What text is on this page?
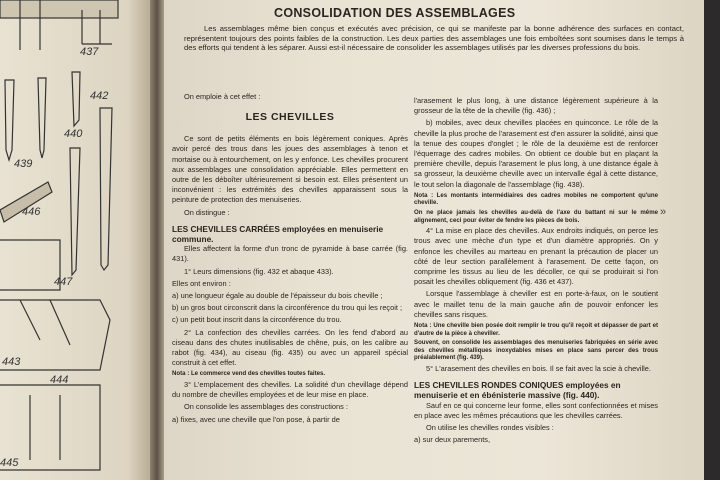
437
442
440
439
446
447
443
444
445
CONSOLIDATION DES ASSEMBLAGES
Les assemblages même bien conçus et exécutés avec précision, ce qui se manifeste par la bonne adhérence des surfaces en contact, représentent toujours des points faibles de la construction. Les deux parties des assemblages une fois emboîtées sont soumises dans le temps à des efforts qui tendent à les séparer. Aussi est-il nécessaire de consolider les assemblages utilisés par les diverses professions du bois.
On emploie à cet effet :
LES CHEVILLES

Ce sont de petits éléments en bois légèrement coniques. Après avoir percé des trous dans les joues des assemblages à tenon et mortaise ou à entourchement, on les y enfonce. Les chevilles procurent aux assemblages une consolidation appréciable. Elles permettent en outre de les déboîter ultérieurement si besoin est. Elles présentent un inconvénient : les extrémités des chevilles apparaissent sous la peinture de protection des menuiseries.

On distingue :

LES CHEVILLES CARRÉES employées en menuiserie commune.

Elles affectent la forme d'un tronc de pyramide à base carrée (fig. 431).

1° Leurs dimensions (fig. 432 et abaque 433).

Elles ont environ :

a) une longueur égale au double de l'épaisseur du bois cheville ;

b) un gros bout circonscrit dans la circonférence du trou qui les reçoit ;

c) un petit bout inscrit dans la circonférence du trou.

2° La confection des chevilles carrées. On les fend d'abord au ciseau dans des chutes inutilisables de chêne, puis, on les calibre au rabot (fig. 434), au ciseau (fig. 435) ou avec un appareil spécial construit à cet effet.

Nota : Le commerce vend des chevilles toutes faites.

3° L'emplacement des chevilles. La solidité d'un chevillage dépend du nombre de chevilles employées et de leur mise en place.

On consolide les assemblages des constructions :

a) fixes, avec une cheville que l'on pose, à partir de

l'arasement le plus long, à une distance légèrement supérieure à la grosseur de la tête de la cheville (fig. 436) ;

b) mobiles, avec deux chevilles placées en quinconce. Le rôle de la cheville la plus proche de l'arasement est d'en assurer la solidité, ainsi que la tenue des coupes d'onglet ; le rôle de la deuxième est de renforcer l'équerrage des cadres mobiles. On obtient ce double but en plaçant la première cheville, depuis l'arasement le plus long, à une distance égale à sa grosseur, la deuxième cheville avec un intervalle égal à cette distance, le tout selon la diagonale de l'assemblage (fig. 438).

Nota : Les montants intermédiaires des cadres mobiles ne comportent qu'une cheville.

On ne place jamais les chevilles au-delà de l'axe du battant ni sur le même alignement, ceci pour éviter de fendre les pièces de bois.

4° La mise en place des chevilles. Aux endroits indiqués, on perce les trous avec une mèche d'un type et d'un diamètre appropriés. On y enfonce les chevilles au marteau en prenant la précaution de placer un côté de leur section parallèlement à l'arasement. De cette façon, on comprime les tissus au lieu de les décoller, ce qui se produirait si l'on posait les chevilles obliquement (fig. 436 et 437).

Lorsque l'assemblage à cheviller est en porte-à-faux, on le soutient avec le maillet tenu de la main gauche afin de pouvoir enfoncer les chevilles sans risques.

Nota : Une cheville bien posée doit remplir le trou qu'il reçoit et dépasser de part et d'autre de la pièce à cheviller.

Souvent, on consolide les assemblages des menuiseries fabriquées en série avec des chevilles métalliques inoxydables mises en place sans percer des trous préalablement (fig. 439).

5° L'arasement des chevilles en bois. Il se fait avec la scie à cheville.

LES CHEVILLES RONDES CONIQUES employées en menuiserie et en ébénisterie massive (fig. 440).

Sauf en ce qui concerne leur forme, elles sont confectionnées et mises en place avec les mêmes précautions que les chevilles carrées.

On utilise les chevilles rondes visibles :

a) sur deux parements,

»
